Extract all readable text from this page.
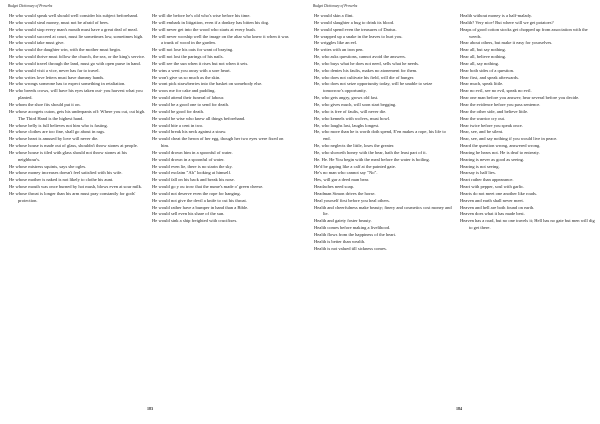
Budget Dictionary of Proverbs
He who would speak well should well consider his subject beforehand.
He who would steal money, must not be afraid of bees.
He who would stop every man's mouth must have a great deal of meal.
He who would succeed at court, must lie sometimes low, sometimes high.
He who would take must give.
He who would the daughter win, with the mother must begin.
He who would thrive must follow the church, the sea, or the king's service.
He who would travel through the land, must go with open purse in hand.
He who would visit a vice, never has far to travel.
He who writes love letters must have dummy hands.
He who wrongs someone has to expect something in retaliation.
He who breeds crows, will have his eyes taken out- you harvest what you planted.
He whom the shoe fits should put it on.
He whose acorgets cuton, gets his underpants off: Where you cut, cut high. The Third Hand is the highest hand.
He whose belly is full believes not him who is fasting.
He whose clothes are too fine, shall go about in rags.
He whose heart is amused by love will never die.
He whose house is made out of glass, shouldn't throw stones at people.
He whose house is tiled with glass should not throw stones at his neighbour's.
He whose mistress squints, says she ogles.
He whose money increases doesn't feel satisfied with his wife.
He whose mother is naked is not likely to clothe his aunt.
He whose mouth was once burned by hot mush, blows even at sour milk.
He whose throat is longer than his arm must pray constantly for gods' protection.
He will die before he's old who's wise before his time.
He will embark in litigation, even if a donkey has bitten his dog.
He will never get into the wood who starts at every bush.
He will never worship well the image on the altar who knew it when it was a trunk of wood in the garden.
He will not lose his oats for want of braying.
He will not lost the parings of his nails.
He will see the sun when it rises but not when it sets.
He wins a west you away with a sore heart.
He won't give us so much as the skin.
He wont pick strawberries into the basket on somebody else.
He woos me for cake and pudding.
He would attend their funeral of labour.
He would be a good one to send for death.
He would be good for death.
He would be wise who knew all things beforehand.
He would bite a cent in two.
He would break his neck against a straw.
He would cheat the heron of her egg, though her two eyes were fixed on him.
He would drown him in a spoonful of water.
He would drown in a spoonful of water.
He would even lie, there is no starin the sky.
He would exclaim "Ah" looking at himself.
He would fall on his back and break his nose.
He would go y ou trow that the nume's made o' green cheese.
He would not deserve even the rope for hanging.
He would not give the devil a knife to cut his throat.
He would rather have a bumper in hand than a Bible.
He would sell even his share of the sun.
He would sink a ship freighted with crucifixes.
183
Budget Dictionary of Proverbs
He would skin a flint.
He would slaughter a bug to drink its blood.
He would spend even the treasures of Darius.
He wrapped up a snake in the leaves to hurt you.
He wriggles like an eel.
He writes with an iron pen.
He, who asks questions, cannot avoid the answers.
He, who buys what he does not need, sells what he needs.
He, who denies his faults, makes no atonement for them.
He, who does not cultivate his field, will die of hunger.
He, who does not seize opportunity today, will be unable to seize tomorrow's opportunity.
He, who gets angry, grows old fast.
He, who gives much, will soon start begging.
He, who is free of faults, will never die.
He, who kennels with wolves, must howl.
He, who laughs last, laughs longest.
He, who more than he is worth doth spend, E'en makes a rope, his life to end.
He, who neglects the little, loses the greater.
He, who showeth honey with the bear, hath the least part of it.
He. He. He You begin with the meal before the water is boiling.
He'd be gaping like a calf at the painted gate.
He's no man who cannot say "No".
Hes, will gar a deed man bear.
Headaches need soap.
Headman Simon drives the horse.
Heal yourself first before you heal others.
Health and cheerfulness make beauty; finery and cosmetics cost money and lie.
Health and gaiety foster beauty.
Health comes before making a livelihood.
Health flows from the happiness of the heart.
Health is better than wealth.
Health is not valued till sickness comes.
Health without money is a half-malady.
Health? Very nice! But where will we get potatoes?
Heaps of good cotton stocks get chopped up from association with the weeds.
Hear about others, but make it easy for yourselves.
Hear all, but say nothing.
Hear all, believe nothing.
Hear all, say nothing.
Hear both sides of a question.
Hear first, and speak afterwards.
Hear much, speak little.
Hear no evil, see no evil, speak no evil.
Hear one man before you answer; hear several before you decide.
Hear the evidence before you pass sentence.
Hear the other side, and believe little.
Hear the warrior cry out.
Hear twice before you speak once.
Hear, see, and be silent.
Hear, see, and say nothing if you would live in peace.
Heard the question wrong, answered wrong.
Hearing he hears not. He is deaf to entreaty.
Hearing is never as good as seeing.
Hearing is not seeing.
Hearsay is half lies.
Heart rather than appearance.
Heart with pepper, soul with garlic.
Hearts do not meet one another like roads.
Heaven and earth shall never meet.
Heaven and hell are both found on earth.
Heaven does what it has made best.
Heaven has a road, but no one travels it; Hell has no gate but men will dig to get there.
184
